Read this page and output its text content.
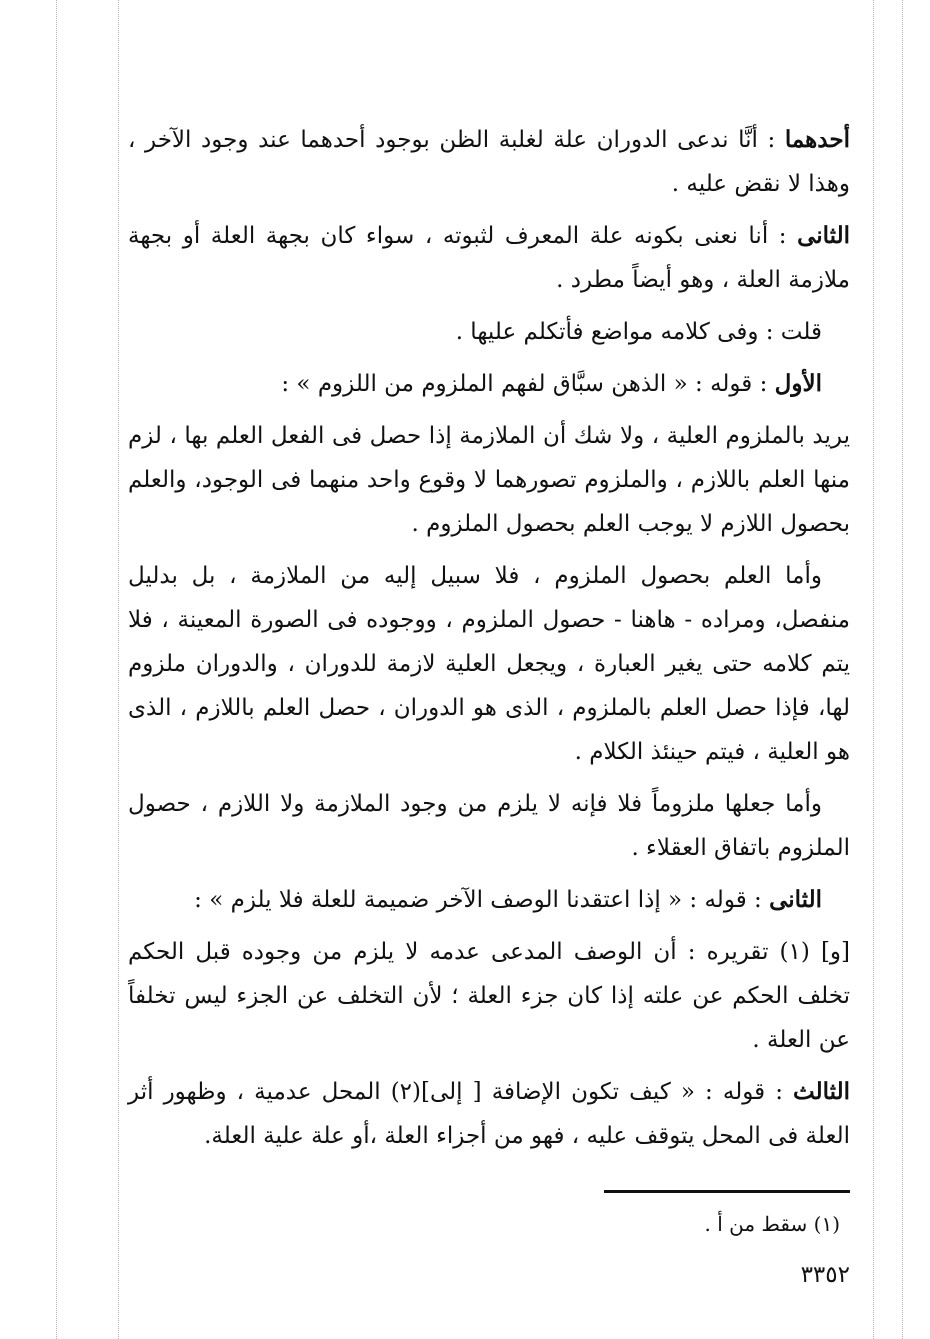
أحدهما : أنَّا ندعى الدوران علة لغلبة الظن بوجود أحدهما عند وجود الآخر ، وهذا لا نقض عليه .

الثانى : أنا نعنى بكونه علة المعرف لثبوته ، سواء كان بجهة العلة أو بجهة ملازمة العلة ، وهو أيضاً مطرد .

قلت : وفى كلامه مواضع فأتكلم عليها .

الأول : قوله : « الذهن سبَّاق لفهم الملزوم من اللزوم » :

يريد بالملزوم العلية ، ولا شك أن الملازمة إذا حصل فى الفعل العلم بها ، لزم منها العلم باللازم ، والملزوم تصورهما لا وقوع واحد منهما فى الوجود، والعلم بحصول اللازم لا يوجب العلم بحصول الملزوم .

وأما العلم بحصول الملزوم ، فلا سبيل إليه من الملازمة ، بل بدليل منفصل، ومراده - هاهنا - حصول الملزوم ، ووجوده فى الصورة المعينة ، فلا يتم كلامه حتى يغير العبارة ، ويجعل العلية لازمة للدوران ، والدوران ملزوم لها، فإذا حصل العلم بالملزوم ، الذى هو الدوران ، حصل العلم باللازم ، الذى هو العلية ، فيتم حينئذ الكلام .

وأما جعلها ملزوماً فلا فإنه لا يلزم من وجود الملازمة ولا اللازم ، حصول الملزوم باتفاق العقلاء .

الثانى : قوله : « إذا اعتقدنا الوصف الآخر ضميمة للعلة فلا يلزم » :

[و] (١) تقريره : أن الوصف المدعى عدمه لا يلزم من وجوده قبل الحكم تخلف الحكم عن علته إذا كان جزء العلة ؛ لأن التخلف عن الجزء ليس تخلفاً عن العلة .

الثالث : قوله : « كيف تكون الإضافة [ إلى](٢) المحل عدمية ، وظهور أثر العلة فى المحل يتوقف عليه ، فهو من أجزاء العلة ،أو علة علية العلة.

(١) سقط من أ .
٣٣٥٢
